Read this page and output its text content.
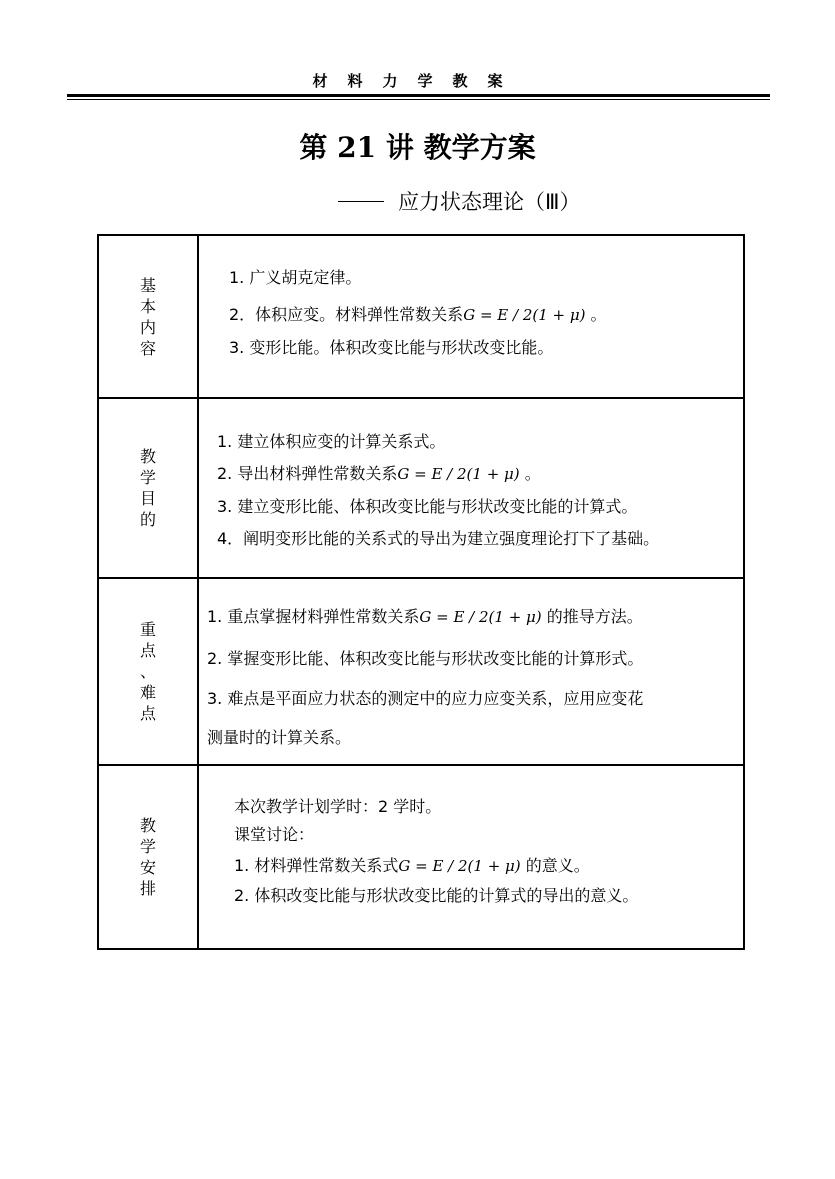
材料力学教案
第 21 讲 教学方案
应力状态理论（Ⅲ）
基
本
内
容
1. 广义胡克定律。
2．体积应变。材料弹性常数关系G = E / 2(1 + μ) 。
3. 变形比能。体积改变比能与形状改变比能。
教
学
目
的
1. 建立体积应变的计算关系式。
2. 导出材料弹性常数关系G = E / 2(1 + μ) 。
3. 建立变形比能、体积改变比能与形状改变比能的计算式。
4．阐明变形比能的关系式的导出为建立强度理论打下了基础。
重
点
、
难
点
1. 重点掌握材料弹性常数关系G = E / 2(1 + μ) 的推导方法。
2. 掌握变形比能、体积改变比能与形状改变比能的计算形式。
3. 难点是平面应力状态的测定中的应力应变关系，应用应变花
测量时的计算关系。
教
学
安
排
本次教学计划学时：2 学时。
课堂讨论：
1. 材料弹性常数关系式G = E / 2(1 + μ) 的意义。
2. 体积改变比能与形状改变比能的计算式的导出的意义。
